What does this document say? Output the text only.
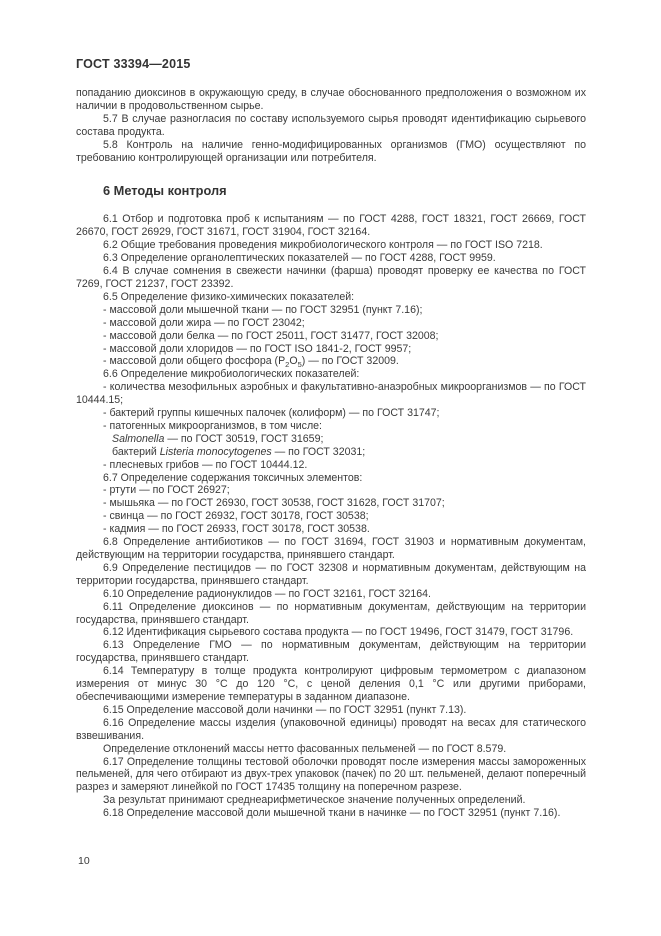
ГОСТ 33394—2015

попаданию диоксинов в окружающую среду, в случае обоснованного предположения о возможном их наличии в продовольственном сырье.

5.7 В случае разногласия по составу используемого сырья проводят идентификацию сырьевого состава продукта.

5.8 Контроль на наличие генно-модифицированных организмов (ГМО) осуществляют по требованию контролирующей организации или потребителя.

6 Методы контроля

6.1 Отбор и подготовка проб к испытаниям — по ГОСТ 4288, ГОСТ 18321, ГОСТ 26669, ГОСТ 26670, ГОСТ 26929, ГОСТ 31671, ГОСТ 31904, ГОСТ 32164.

6.2 Общие требования проведения микробиологического контроля — по ГОСТ ISO 7218.

6.3 Определение органолептических показателей — по ГОСТ 4288, ГОСТ 9959.

6.4 В случае сомнения в свежести начинки (фарша) проводят проверку ее качества по ГОСТ 7269, ГОСТ 21237, ГОСТ 23392.

6.5 Определение физико-химических показателей:

- массовой доли мышечной ткани — по ГОСТ 32951 (пункт 7.16);

- массовой доли жира — по ГОСТ 23042;

- массовой доли белка — по ГОСТ 25011, ГОСТ 31477, ГОСТ 32008;

- массовой доли хлоридов — по ГОСТ ISO 1841-2, ГОСТ 9957;

- массовой доли общего фосфора $(P_2O_5)$ — по ГОСТ 32009.

6.6 Определение микробиологических показателей:

- количества мезофильных аэробных и факультативно-анаэробных микроорганизмов — по ГОСТ 10444.15;

- бактерий группы кишечных палочек (колиформ) — по ГОСТ 31747;

- патогенных микроорганизмов, в том числе:

Salmonella — по ГОСТ 30519, ГОСТ 31659;

бактерий Listeria monocytogenes — по ГОСТ 32031;

- плесневых грибов — по ГОСТ 10444.12.

6.7 Определение содержания токсичных элементов:

- ртути — по ГОСТ 26927;

- мышьяка — по ГОСТ 26930, ГОСТ 30538, ГОСТ 31628, ГОСТ 31707;

- свинца — по ГОСТ 26932, ГОСТ 30178, ГОСТ 30538;

- кадмия — по ГОСТ 26933, ГОСТ 30178, ГОСТ 30538.

6.8 Определение антибиотиков — по ГОСТ 31694, ГОСТ 31903 и нормативным документам, действующим на территории государства, принявшего стандарт.

6.9 Определение пестицидов — по ГОСТ 32308 и нормативным документам, действующим на территории государства, принявшего стандарт.

6.10 Определение радионуклидов — по ГОСТ 32161, ГОСТ 32164.

6.11 Определение диоксинов — по нормативным документам, действующим на территории государства, принявшего стандарт.

6.12 Идентификация сырьевого состава продукта — по ГОСТ 19496, ГОСТ 31479, ГОСТ 31796.

6.13 Определение ГМО — по нормативным документам, действующим на территории государства, принявшего стандарт.

6.14 Температуру в толще продукта контролируют цифровым термометром с диапазоном измерения от минус 30 °С до 120 °С, с ценой деления 0,1 °С или другими приборами, обеспечивающими измерение температуры в заданном диапазоне.

6.15 Определение массовой доли начинки — по ГОСТ 32951 (пункт 7.13).

6.16 Определение массы изделия (упаковочной единицы) проводят на весах для статического взвешивания.

Определение отклонений массы нетто фасованных пельменей — по ГОСТ 8.579.

6.17 Определение толщины тестовой оболочки проводят после измерения массы замороженных пельменей, для чего отбирают из двух-трех упаковок (пачек) по 20 шт. пельменей, делают поперечный разрез и замеряют линейкой по ГОСТ 17435 толщину на поперечном разрезе.

За результат принимают среднеарифметическое значение полученных определений.

6.18 Определение массовой доли мышечной ткани в начинке — по ГОСТ 32951 (пункт 7.16).

10
